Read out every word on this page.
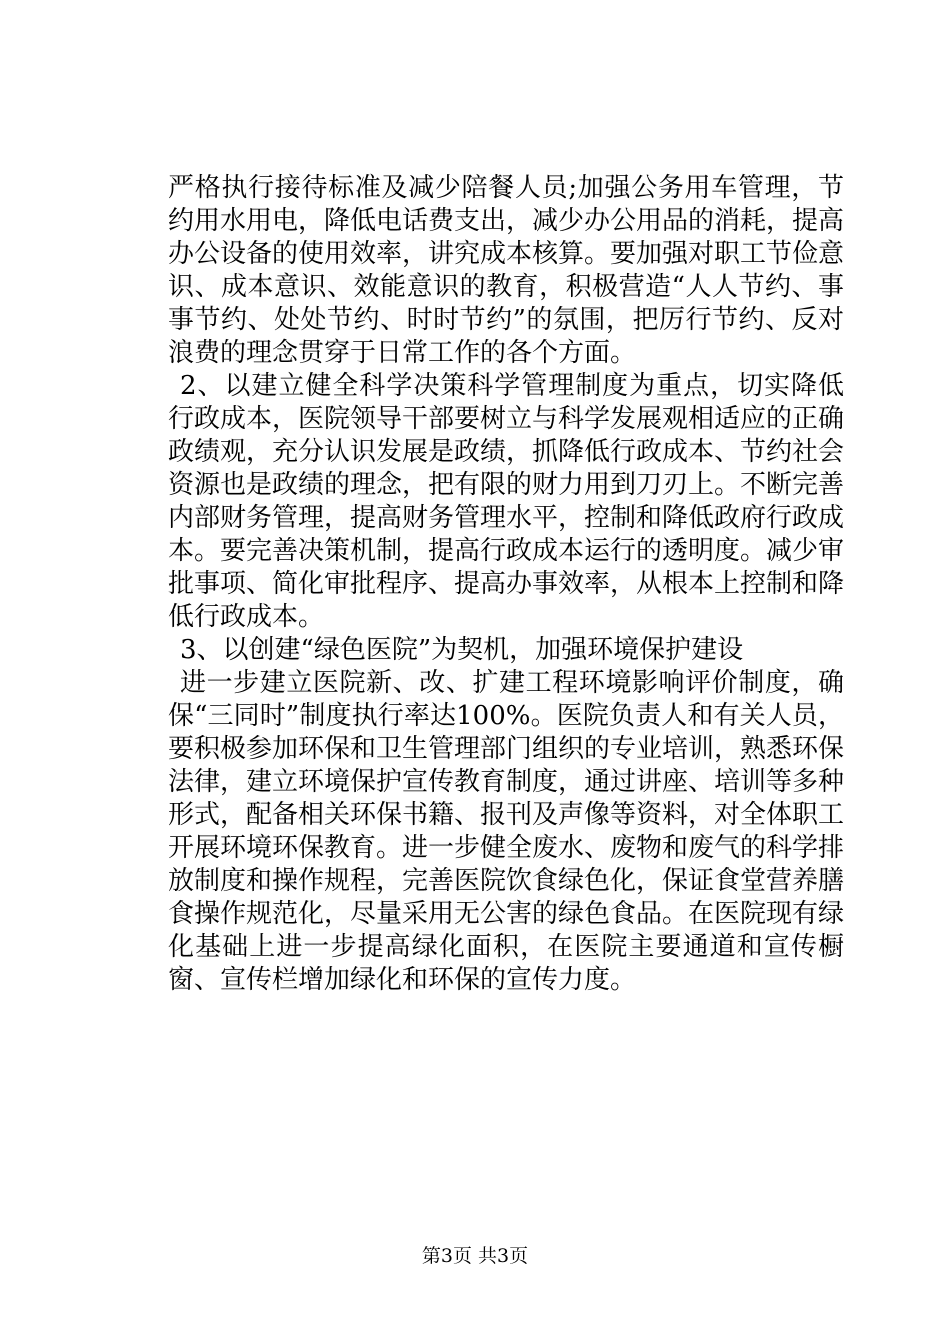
严格执行接待标准及减少陪餐人员;加强公务用车管理，节约用水用电，降低电话费支出，减少办公用品的消耗，提高办公设备的使用效率，讲究成本核算。要加强对职工节俭意识、成本意识、效能意识的教育，积极营造“人人节约、事事节约、处处节约、时时节约”的氛围，把厉行节约、反对浪费的理念贯穿于日常工作的各个方面。

2、以建立健全科学决策科学管理制度为重点，切实降低行政成本，医院领导干部要树立与科学发展观相适应的正确政绩观，充分认识发展是政绩，抓降低行政成本、节约社会资源也是政绩的理念，把有限的财力用到刀刃上。不断完善内部财务管理，提高财务管理水平，控制和降低政府行政成本。要完善决策机制，提高行政成本运行的透明度。减少审批事项、简化审批程序、提高办事效率，从根本上控制和降低行政成本。

3、以创建“绿色医院”为契机，加强环境保护建设

进一步建立医院新、改、扩建工程环境影响评价制度，确保“三同时”制度执行率达100%。医院负责人和有关人员，要积极参加环保和卫生管理部门组织的专业培训，熟悉环保法律，建立环境保护宣传教育制度，通过讲座、培训等多种形式，配备相关环保书籍、报刊及声像等资料，对全体职工开展环境环保教育。进一步健全废水、废物和废气的科学排放制度和操作规程，完善医院饮食绿色化，保证食堂营养膳食操作规范化，尽量采用无公害的绿色食品。在医院现有绿化基础上进一步提高绿化面积，在医院主要通道和宣传橱窗、宣传栏增加绿化和环保的宣传力度。

第3页 共3页
